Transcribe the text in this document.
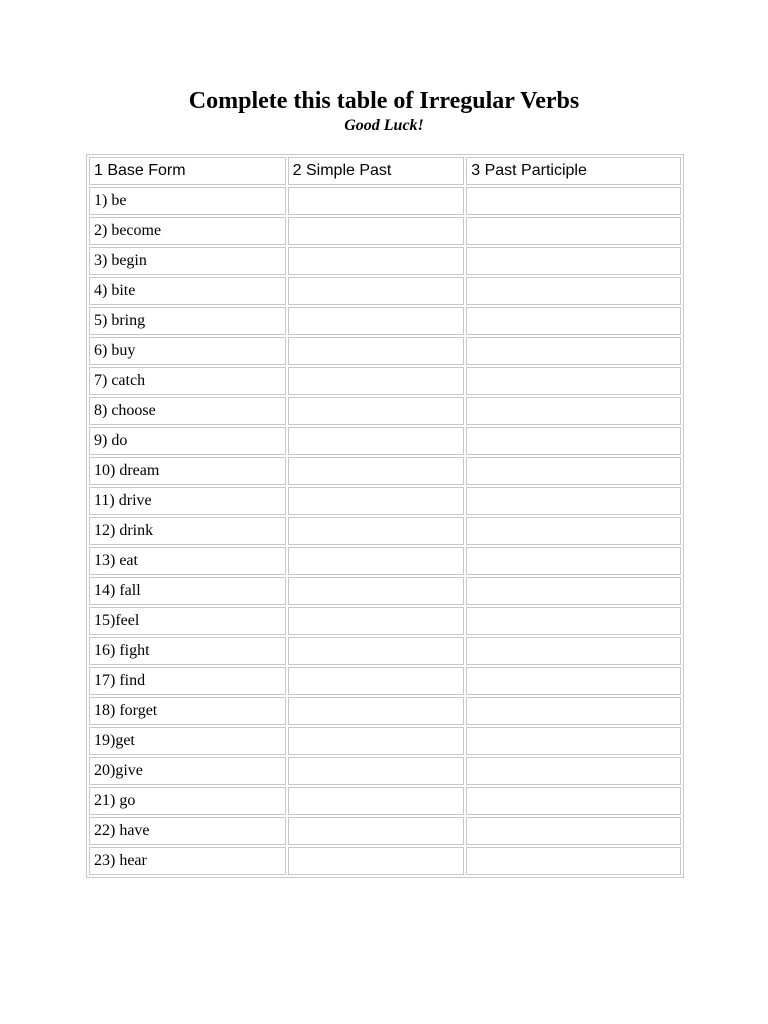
Complete this table of Irregular Verbs
Good Luck!
1 Base Form	2 Simple Past	3 Past Participle
1) be		
2) become		
3) begin		
4) bite		
5) bring		
6) buy		
7) catch		
8) choose		
9) do		
10) dream		
11) drive		
12) drink		
13) eat		
14) fall		
15)feel		
16) fight		
17) find		
18) forget		
19)get		
20)give		
21) go		
22) have		
23) hear		
